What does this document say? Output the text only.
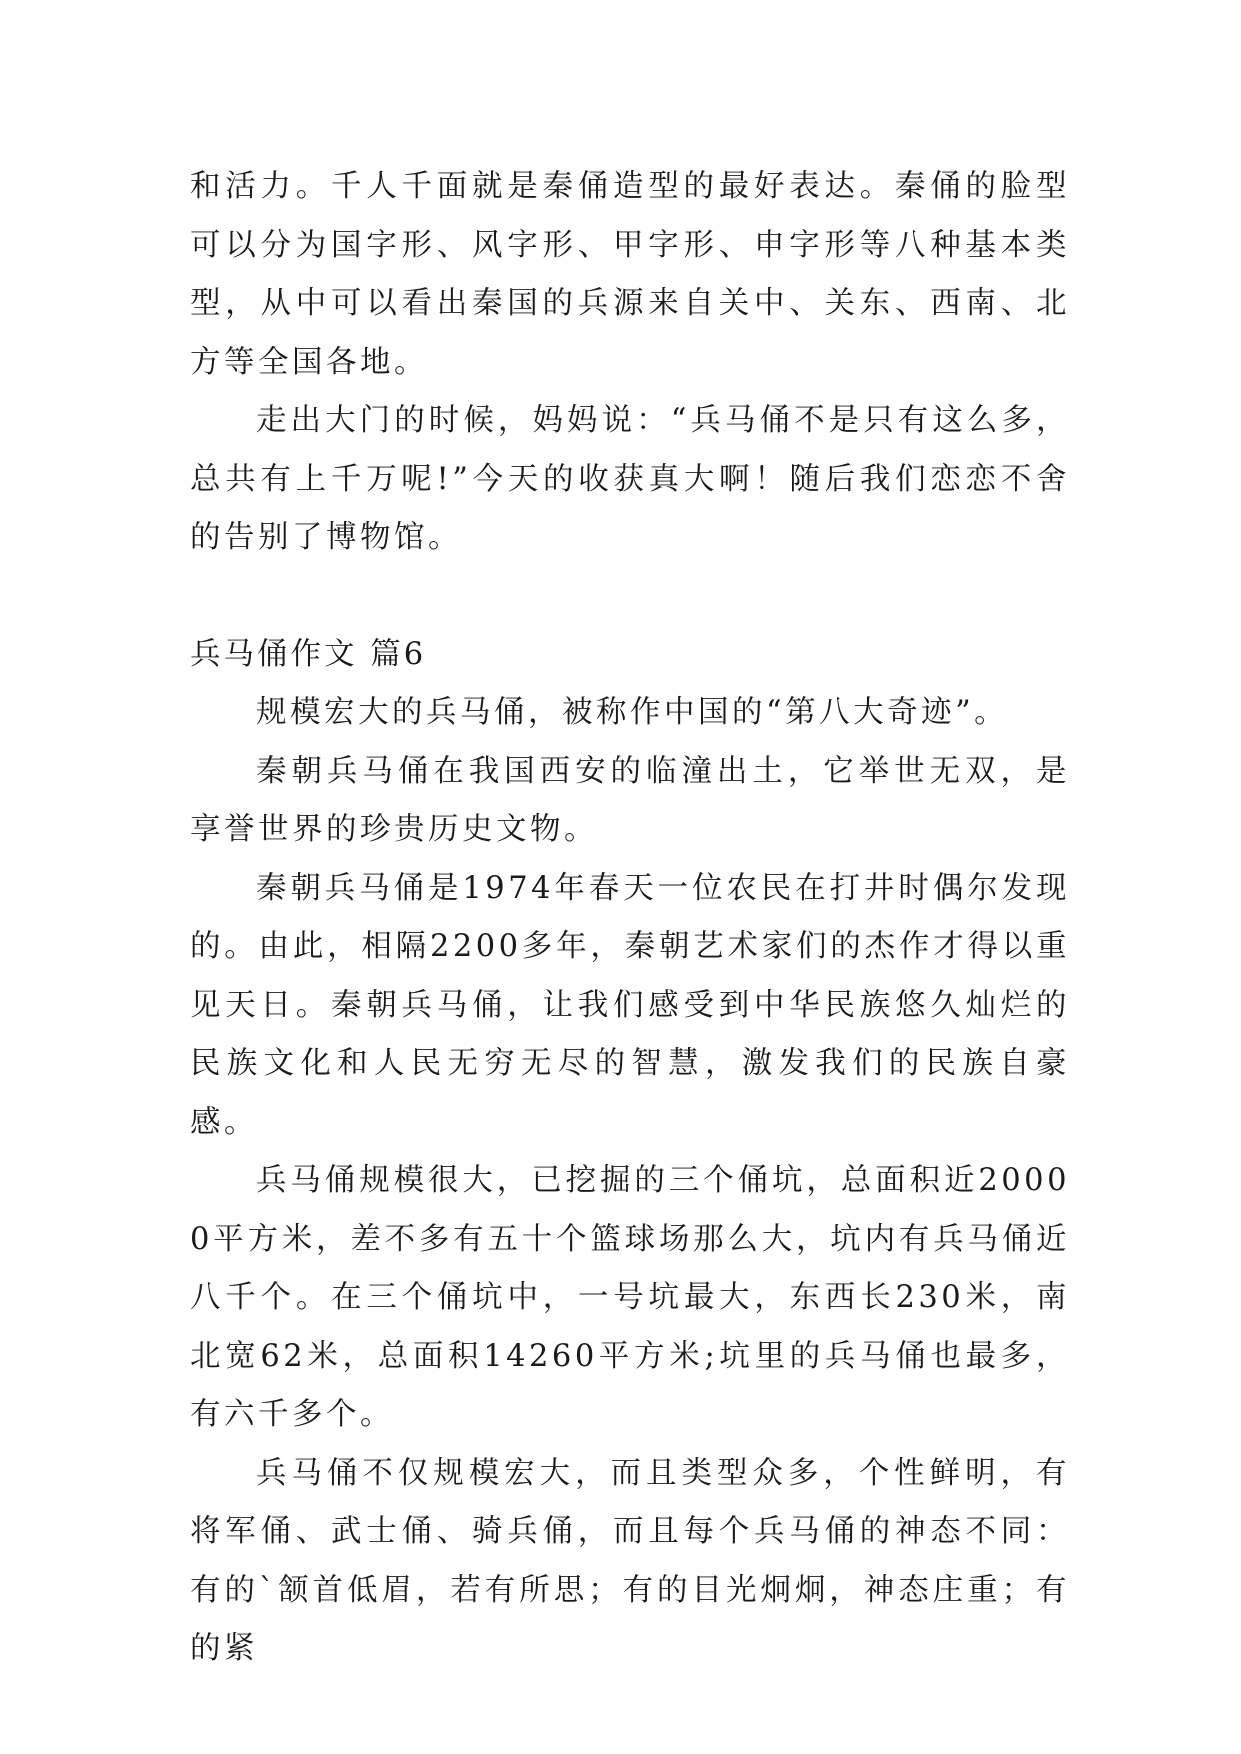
和活力。千人千面就是秦俑造型的最好表达。秦俑的脸型可以分为国字形、风字形、甲字形、申字形等八种基本类型，从中可以看出秦国的兵源来自关中、关东、西南、北方等全国各地。

走出大门的时候，妈妈说：“兵马俑不是只有这么多，总共有上千万呢!”今天的收获真大啊！随后我们恋恋不舍的告别了博物馆。

兵马俑作文 篇6

规模宏大的兵马俑，被称作中国的“第八大奇迹”。

秦朝兵马俑在我国西安的临潼出土，它举世无双，是享誉世界的珍贵历史文物。

秦朝兵马俑是1974年春天一位农民在打井时偶尔发现的。由此，相隔2200多年，秦朝艺术家们的杰作才得以重见天日。秦朝兵马俑，让我们感受到中华民族悠久灿烂的民族文化和人民无穷无尽的智慧，激发我们的民族自豪感。

兵马俑规模很大，已挖掘的三个俑坑，总面积近20000平方米，差不多有五十个篮球场那么大，坑内有兵马俑近八千个。在三个俑坑中，一号坑最大，东西长230米，南北宽62米，总面积14260平方米;坑里的兵马俑也最多，有六千多个。

兵马俑不仅规模宏大，而且类型众多，个性鲜明，有将军俑、武士俑、骑兵俑，而且每个兵马俑的神态不同：有的`颔首低眉，若有所思；有的目光炯炯，神态庄重；有的紧
